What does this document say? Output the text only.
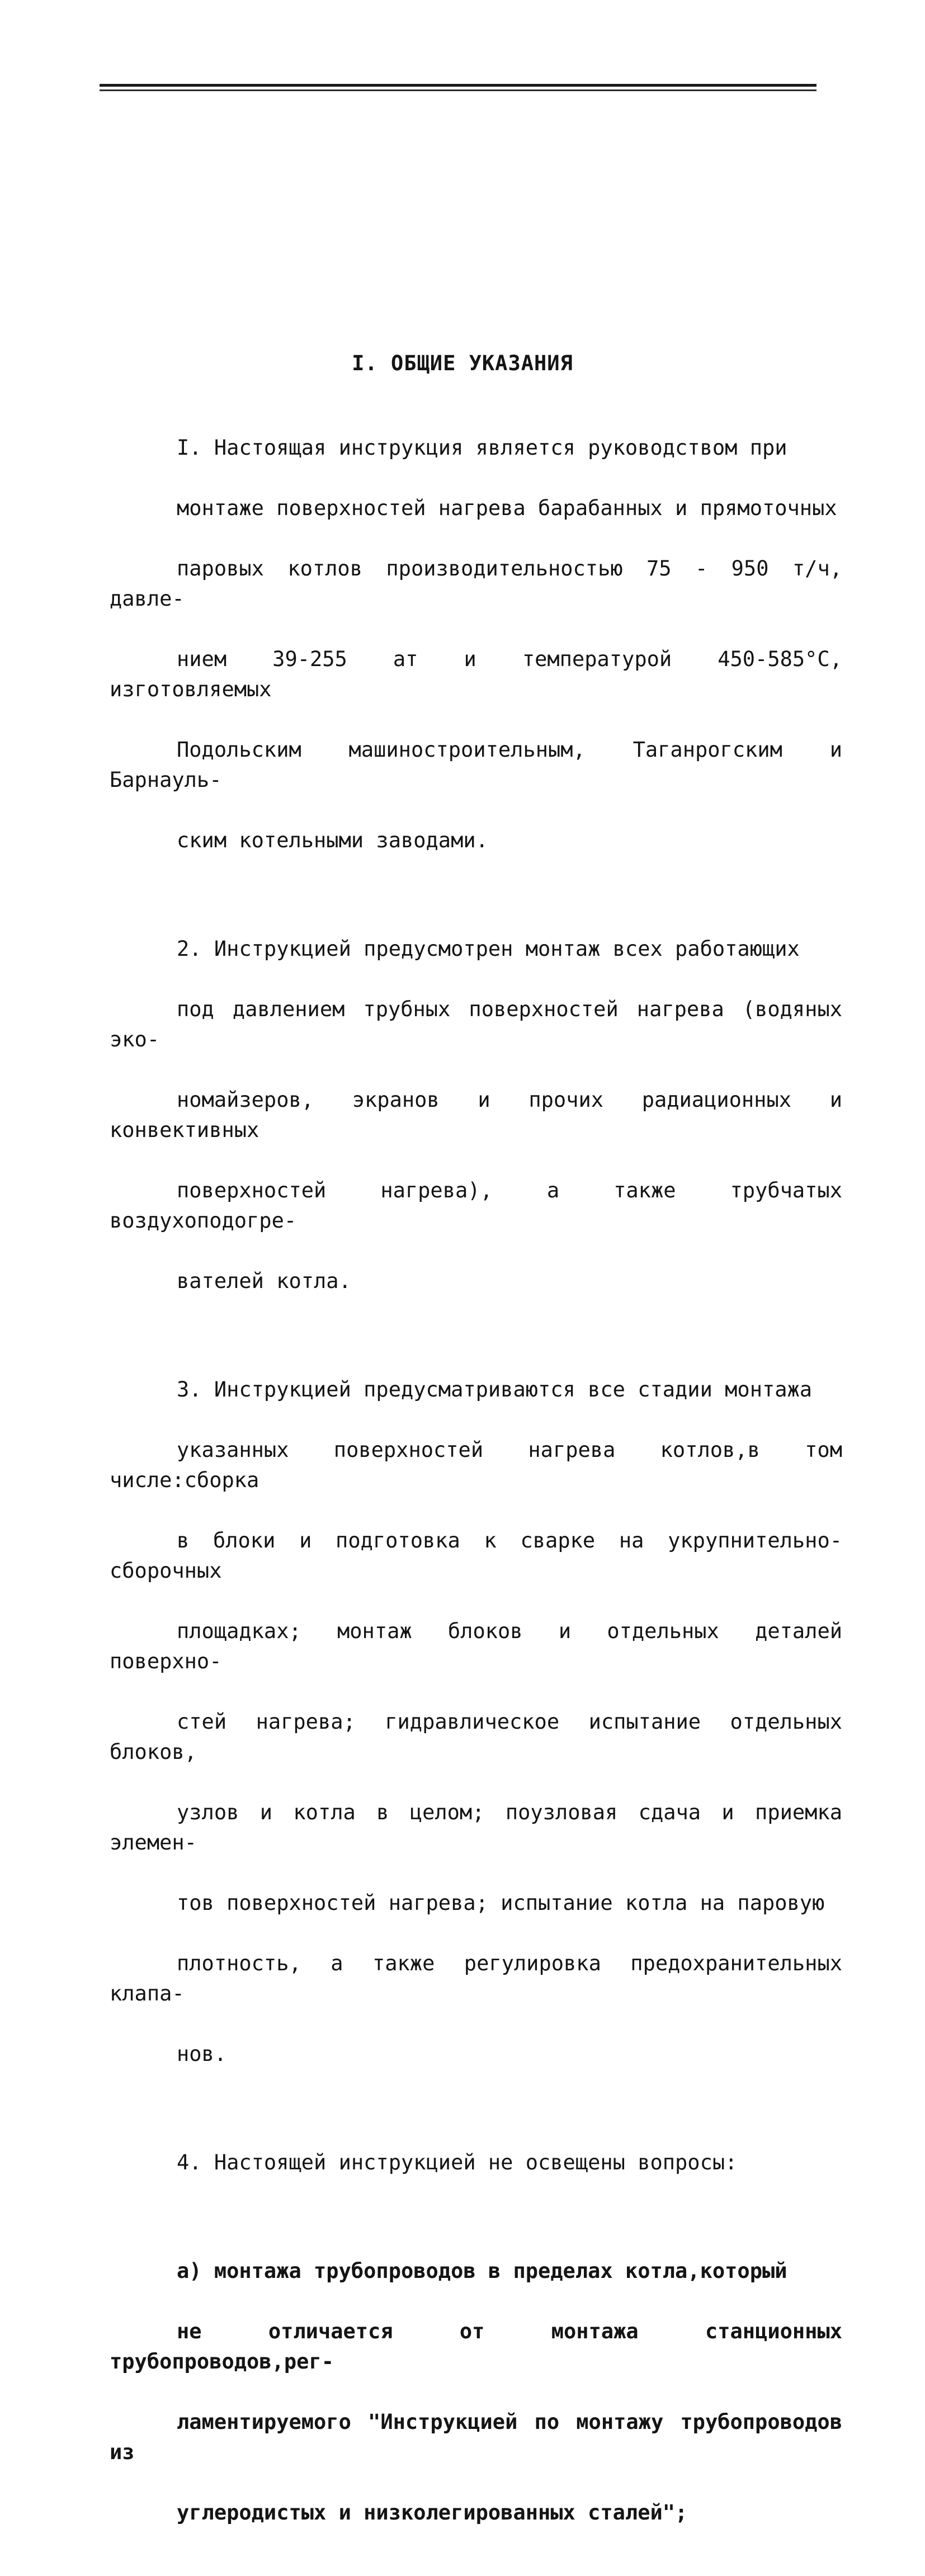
I. ОБЩИЕ УКАЗАНИЯ

I. Настоящая инструкция является руководством при

монтаже поверхностей нагрева барабанных и прямоточных

паровых котлов производительностью 75 - 950 т/ч, давле-

нием 39-255 ат и температурой 450-585°С, изготовляемых

Подольским машиностроительным, Таганрогским и Барнауль-

ским котельными заводами.

2. Инструкцией предусмотрен монтаж всех работающих

под давлением трубных поверхностей нагрева (водяных эко-

номайзеров, экранов и прочих радиационных и конвективных

поверхностей нагрева), а также трубчатых воздухоподогре-

вателей котла.

3. Инструкцией предусматриваются все стадии монтажа

указанных поверхностей нагрева котлов,в том числе:сборка

в блоки и подготовка к сварке на укрупнительно-сборочных

площадках; монтаж блоков и отдельных деталей поверхно-

стей нагрева; гидравлическое испытание отдельных блоков,

узлов и котла в целом; поузловая сдача и приемка элемен-

тов поверхностей нагрева; испытание котла на паровую

плотность, а также регулировка предохранительных клапа-

нов.

4. Настоящей инструкцией не освещены вопросы:

а) монтажа трубопроводов в пределах котла,который

не отличается от монтажа станционных трубопроводов,рег-

ламентируемого "Инструкцией по монтажу трубопроводов из

углеродистых и низколегированных сталей";
